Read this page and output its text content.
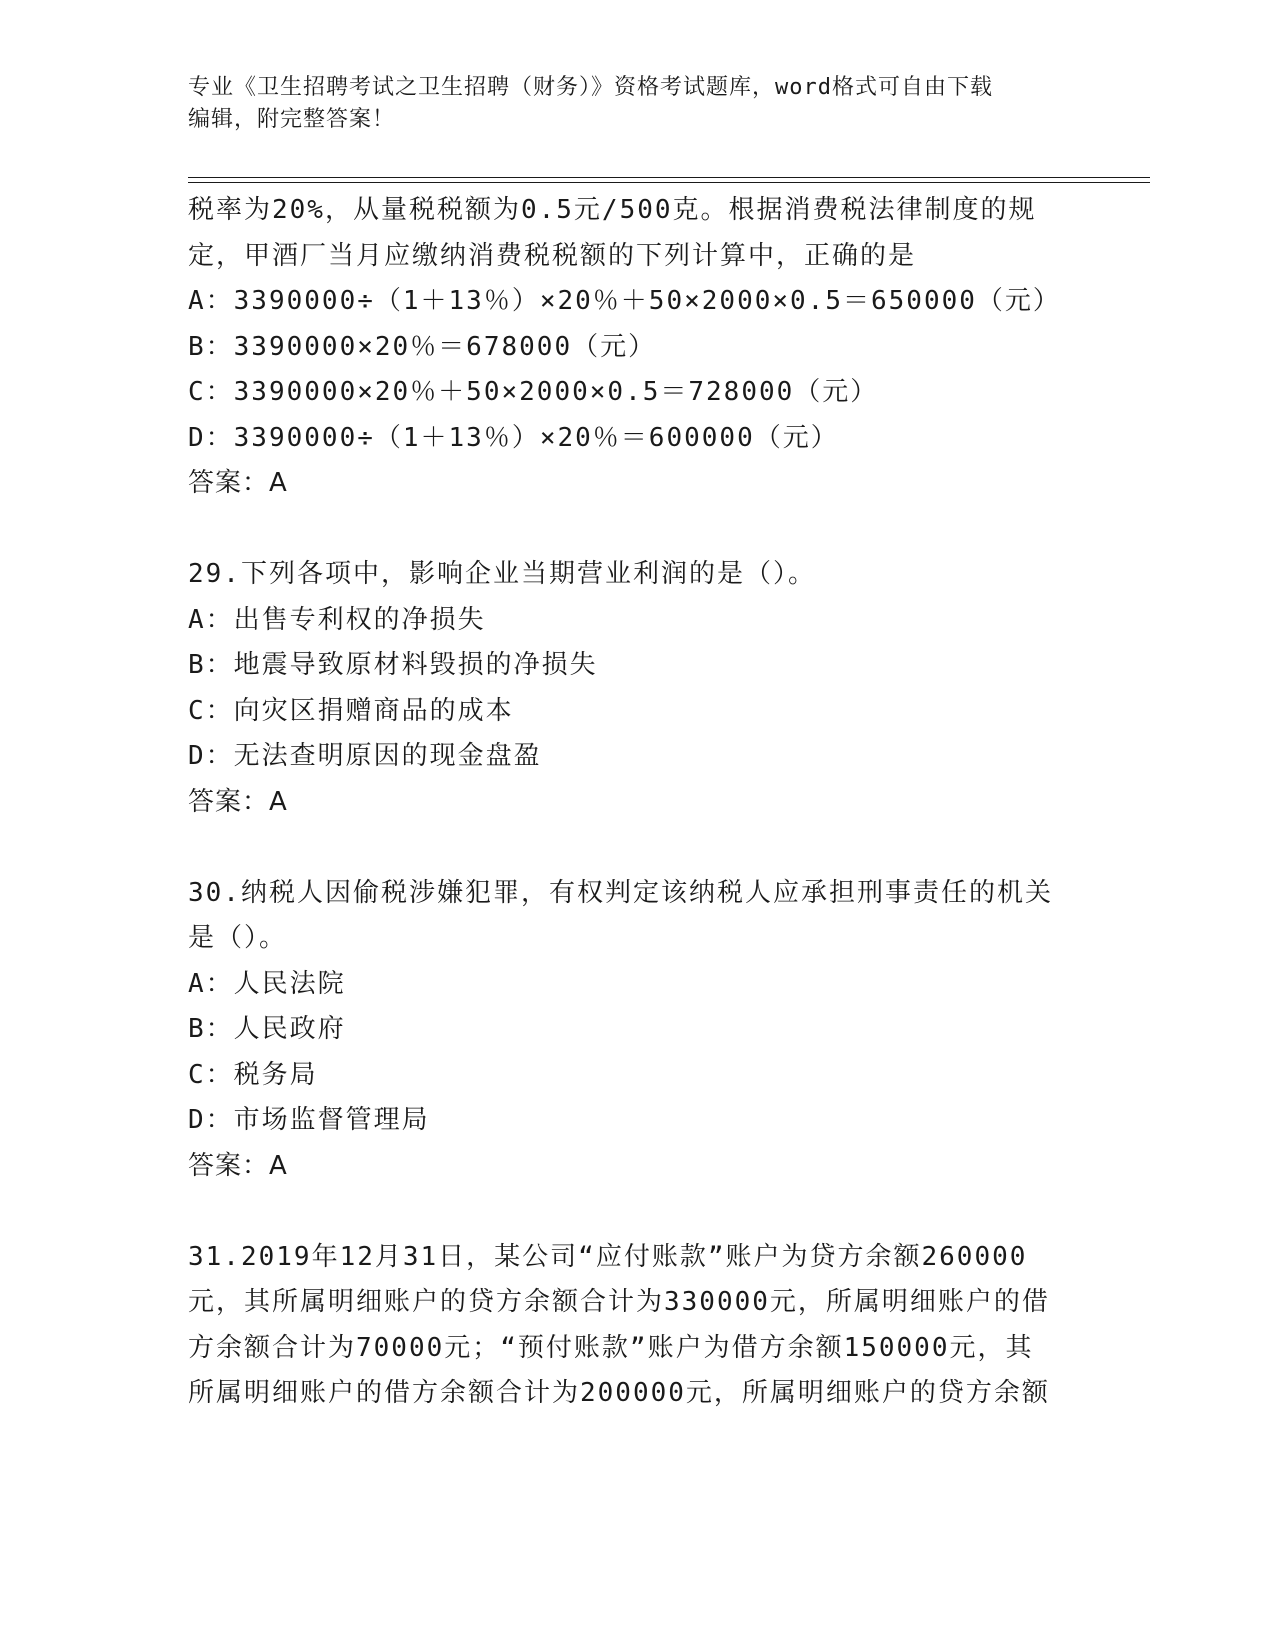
专业《卫生招聘考试之卫生招聘（财务）》资格考试题库，word格式可自由下载
编辑，附完整答案！
税率为20%，从量税税额为0.5元/500克。根据消费税法律制度的规
定，甲酒厂当月应缴纳消费税税额的下列计算中，正确的是
A：3390000÷（1＋13％）×20％＋50×2000×0.5＝650000（元）
B：3390000×20％＝678000（元）
C：3390000×20％＋50×2000×0.5＝728000（元）
D：3390000÷（1＋13％）×20％＝600000（元）
答案：A
29.下列各项中，影响企业当期营业利润的是（）。
A：出售专利权的净损失
B：地震导致原材料毁损的净损失
C：向灾区捐赠商品的成本
D：无法查明原因的现金盘盈
答案：A
30.纳税人因偷税涉嫌犯罪，有权判定该纳税人应承担刑事责任的机关
是（）。
A：人民法院
B：人民政府
C：税务局
D：市场监督管理局
答案：A
31.2019年12月31日，某公司“应付账款”账户为贷方余额260000
元，其所属明细账户的贷方余额合计为330000元，所属明细账户的借
方余额合计为70000元；“预付账款”账户为借方余额150000元，其
所属明细账户的借方余额合计为200000元，所属明细账户的贷方余额
